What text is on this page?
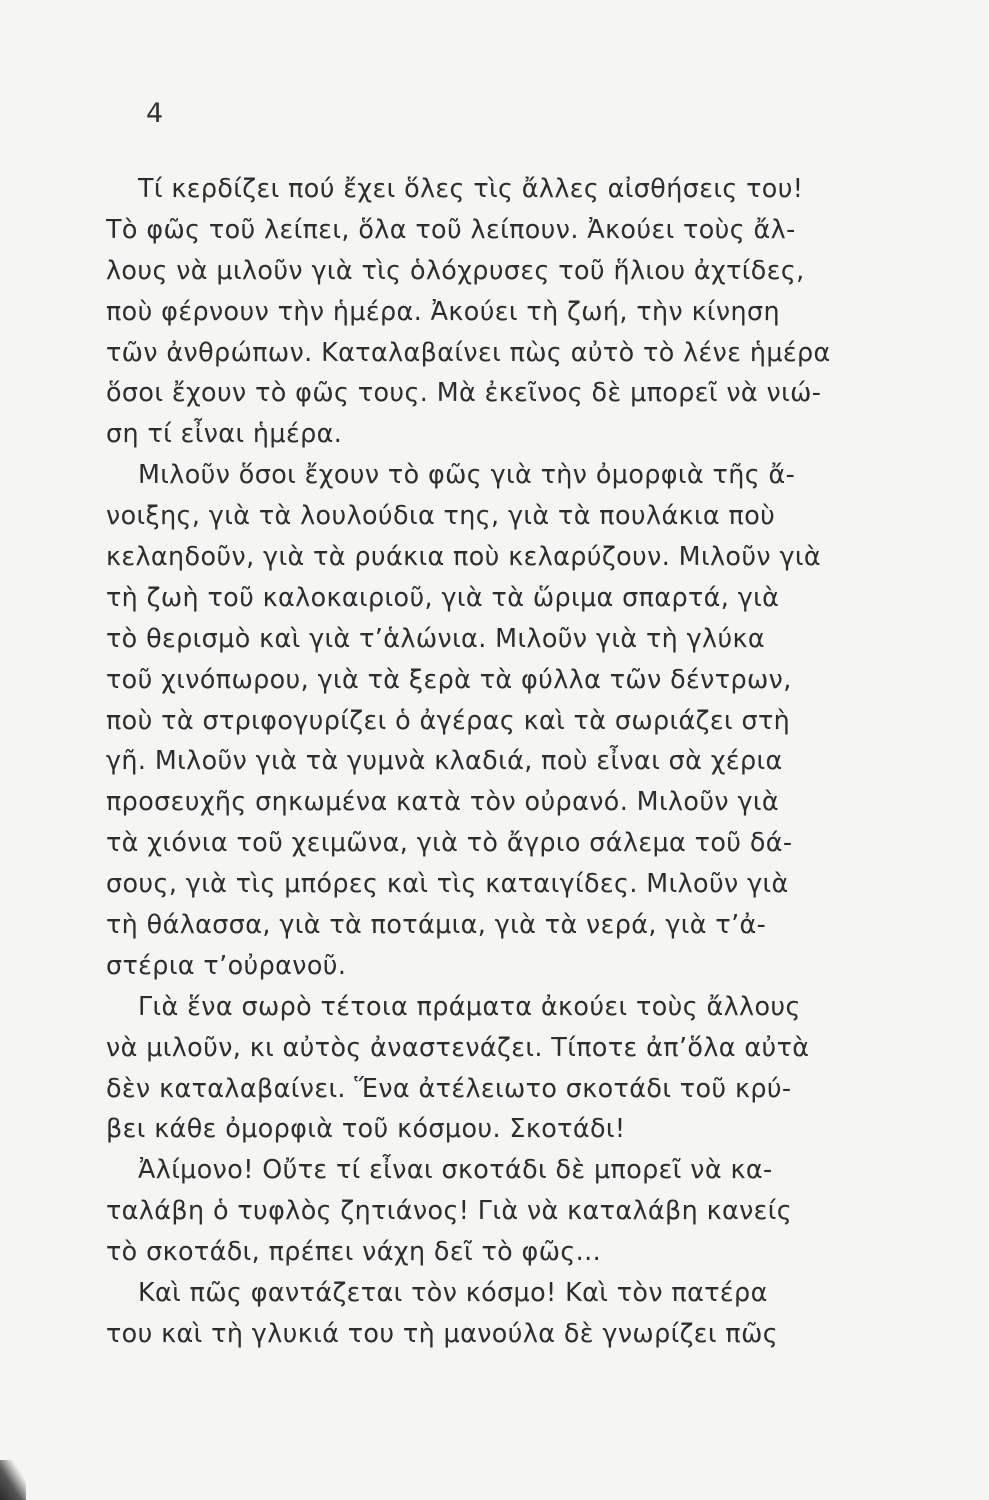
4
Τί κερδίζει πού ἔχει ὅλες τὶς ἄλλες αἰσθήσεις του!
Τὸ φῶς τοῦ λείπει, ὅλα τοῦ λείπουν. Ἀκούει τοὺς ἄλ-
λους νὰ μιλοῦν γιὰ τὶς ὁλόχρυσες τοῦ ἥλιου ἀχτίδες,
ποὺ φέρνουν τὴν ἡμέρα. Ἀκούει τὴ ζωή, τὴν κίνηση
τῶν ἀνθρώπων. Καταλαβαίνει πὼς αὐτὸ τὸ λένε ἡμέρα
ὅσοι ἔχουν τὸ φῶς τους. Μὰ ἐκεῖνος δὲ μπορεῖ νὰ νιώ-
ση τί εἶναι ἡμέρα.
Μιλοῦν ὅσοι ἔχουν τὸ φῶς γιὰ τὴν ὀμορφιὰ τῆς ἄ-
νοιξης, γιὰ τὰ λουλούδια της, γιὰ τὰ πουλάκια ποὺ
κελαηδοῦν, γιὰ τὰ ρυάκια ποὺ κελαρύζουν. Μιλοῦν γιὰ
τὴ ζωὴ τοῦ καλοκαιριοῦ, γιὰ τὰ ὥριμα σπαρτά, γιὰ
τὸ θερισμὸ καὶ γιὰ τ’ἁλώνια. Μιλοῦν γιὰ τὴ γλύκα
τοῦ χινόπωρου, γιὰ τὰ ξερὰ τὰ φύλλα τῶν δέντρων,
ποὺ τὰ στριφογυρίζει ὁ ἀγέρας καὶ τὰ σωριάζει στὴ
γῆ. Μιλοῦν γιὰ τὰ γυμνὰ κλαδιά, ποὺ εἶναι σὰ χέρια
προσευχῆς σηκωμένα κατὰ τὸν οὐρανό. Μιλοῦν γιὰ
τὰ χιόνια τοῦ χειμῶνα, γιὰ τὸ ἄγριο σάλεμα τοῦ δά-
σους, γιὰ τὶς μπόρες καὶ τὶς καταιγίδες. Μιλοῦν γιὰ
τὴ θάλασσα, γιὰ τὰ ποτάμια, γιὰ τὰ νερά, γιὰ τ’ἀ-
στέρια τ’οὐρανοῦ.
Γιὰ ἕνα σωρὸ τέτοια πράματα ἀκούει τοὺς ἄλλους
νὰ μιλοῦν, κι αὐτὸς ἀναστενάζει. Τίποτε ἀπ’ὅλα αὐτὰ
δὲν καταλαβαίνει. Ἕνα ἀτέλειωτο σκοτάδι τοῦ κρύ-
βει κάθε ὀμορφιὰ τοῦ κόσμου. Σκοτάδι!
Ἀλίμονο! Οὔτε τί εἶναι σκοτάδι δὲ μπορεῖ νὰ κα-
ταλάβη ὁ τυφλὸς ζητιάνος! Γιὰ νὰ καταλάβη κανείς
τὸ σκοτάδι, πρέπει νάχη δεῖ τὸ φῶς...
Καὶ πῶς φαντάζεται τὸν κόσμο! Καὶ τὸν πατέρα
του καὶ τὴ γλυκιά του τὴ μανούλα δὲ γνωρίζει πῶς
